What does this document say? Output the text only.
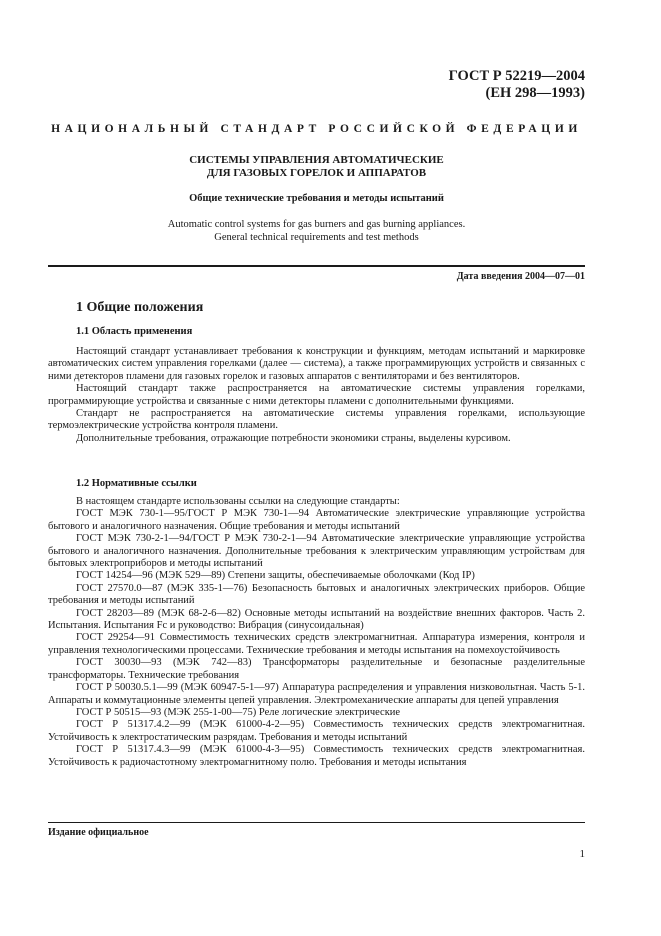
ГОСТ Р 52219—2004
(ЕН 298—1993)
НАЦИОНАЛЬНЫЙ СТАНДАРТ РОССИЙСКОЙ ФЕДЕРАЦИИ
СИСТЕМЫ УПРАВЛЕНИЯ АВТОМАТИЧЕСКИЕ
ДЛЯ ГАЗОВЫХ ГОРЕЛОК И АППАРАТОВ
Общие технические требования и методы испытаний
Automatic control systems for gas burners and gas burning appliances.
General technical requirements and test methods
Дата введения 2004—07—01
1 Общие положения
1.1 Область применения

Настоящий стандарт устанавливает требования к конструкции и функциям, методам испытаний и маркировке автоматических систем управления горелками (далее — система), а также программирующих устройств и связанных с ними детекторов пламени для газовых горелок и газовых аппаратов с вентиляторами и без вентиляторов.

Настоящий стандарт также распространяется на автоматические системы управления горелками, программирующие устройства и связанные с ними детекторы пламени с дополнительными функциями.

Стандарт не распространяется на автоматические системы управления горелками, использующие термоэлектрические устройства контроля пламени.

Дополнительные требования, отражающие потребности экономики страны, выделены курсивом.

1.2 Нормативные ссылки

В настоящем стандарте использованы ссылки на следующие стандарты:

ГОСТ МЭК 730-1—95/ГОСТ Р МЭК 730-1—94 Автоматические электрические управляющие устройства бытового и аналогичного назначения. Общие требования и методы испытаний

ГОСТ МЭК 730-2-1—94/ГОСТ Р МЭК 730-2-1—94 Автоматические электрические управляющие устройства бытового и аналогичного назначения. Дополнительные требования к электрическим управляющим устройствам для бытовых электроприборов и методы испытаний

ГОСТ 14254—96 (МЭК 529—89) Степени защиты, обеспечиваемые оболочками (Код IP)

ГОСТ 27570.0—87 (МЭК 335-1—76) Безопасность бытовых и аналогичных электрических приборов. Общие требования и методы испытаний

ГОСТ 28203—89 (МЭК 68-2-6—82) Основные методы испытаний на воздействие внешних факторов. Часть 2. Испытания. Испытания Fc и руководство: Вибрация (синусоидальная)

ГОСТ 29254—91 Совместимость технических средств электромагнитная. Аппаратура измерения, контроля и управления технологическими процессами. Технические требования и методы испытания на помехоустойчивость

ГОСТ 30030—93 (МЭК 742—83) Трансформаторы разделительные и безопасные разделительные трансформаторы. Технические требования

ГОСТ Р 50030.5.1—99 (МЭК 60947-5-1—97) Аппаратура распределения и управления низковольтная. Часть 5-1. Аппараты и коммутационные элементы цепей управления. Электромеханические аппараты для цепей управления

ГОСТ Р 50515—93 (МЭК 255-1-00—75) Реле логические электрические

ГОСТ Р 51317.4.2—99 (МЭК 61000-4-2—95) Совместимость технических средств электромагнитная. Устойчивость к электростатическим разрядам. Требования и методы испытаний

ГОСТ Р 51317.4.3—99 (МЭК 61000-4-3—95) Совместимость технических средств электромагнитная. Устойчивость к радиочастотному электромагнитному полю. Требования и методы испытания

Издание официальное
1
